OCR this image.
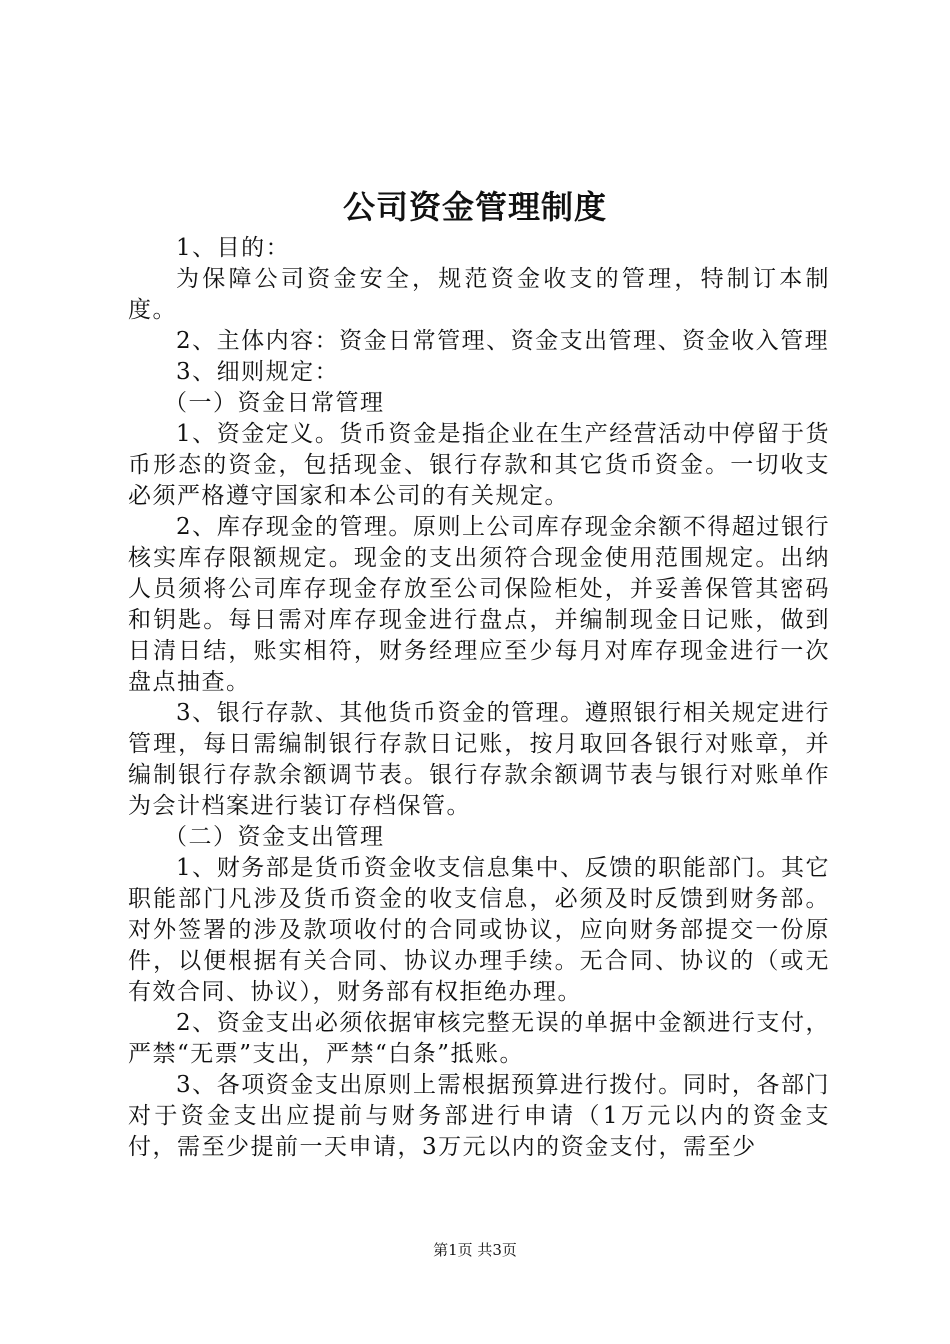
公司资金管理制度

1、目的：

为保障公司资金安全，规范资金收支的管理，特制订本制度。

2、主体内容：资金日常管理、资金支出管理、资金收入管理

3、细则规定：

（一）资金日常管理

1、资金定义。货币资金是指企业在生产经营活动中停留于货币形态的资金，包括现金、银行存款和其它货币资金。一切收支必须严格遵守国家和本公司的有关规定。

2、库存现金的管理。原则上公司库存现金余额不得超过银行核实库存限额规定。现金的支出须符合现金使用范围规定。出纳人员须将公司库存现金存放至公司保险柜处，并妥善保管其密码和钥匙。每日需对库存现金进行盘点，并编制现金日记账，做到日清日结，账实相符，财务经理应至少每月对库存现金进行一次盘点抽查。

3、银行存款、其他货币资金的管理。遵照银行相关规定进行管理，每日需编制银行存款日记账，按月取回各银行对账章，并编制银行存款余额调节表。银行存款余额调节表与银行对账单作为会计档案进行装订存档保管。

（二）资金支出管理

1、财务部是货币资金收支信息集中、反馈的职能部门。其它职能部门凡涉及货币资金的收支信息，必须及时反馈到财务部。对外签署的涉及款项收付的合同或协议，应向财务部提交一份原件，以便根据有关合同、协议办理手续。无合同、协议的（或无有效合同、协议），财务部有权拒绝办理。

2、资金支出必须依据审核完整无误的单据中金额进行支付，严禁“无票”支出，严禁“白条”抵账。

3、各项资金支出原则上需根据预算进行拨付。同时，各部门对于资金支出应提前与财务部进行申请（1万元以内的资金支付，需至少提前一天申请，3万元以内的资金支付，需至少

第1页 共3页
